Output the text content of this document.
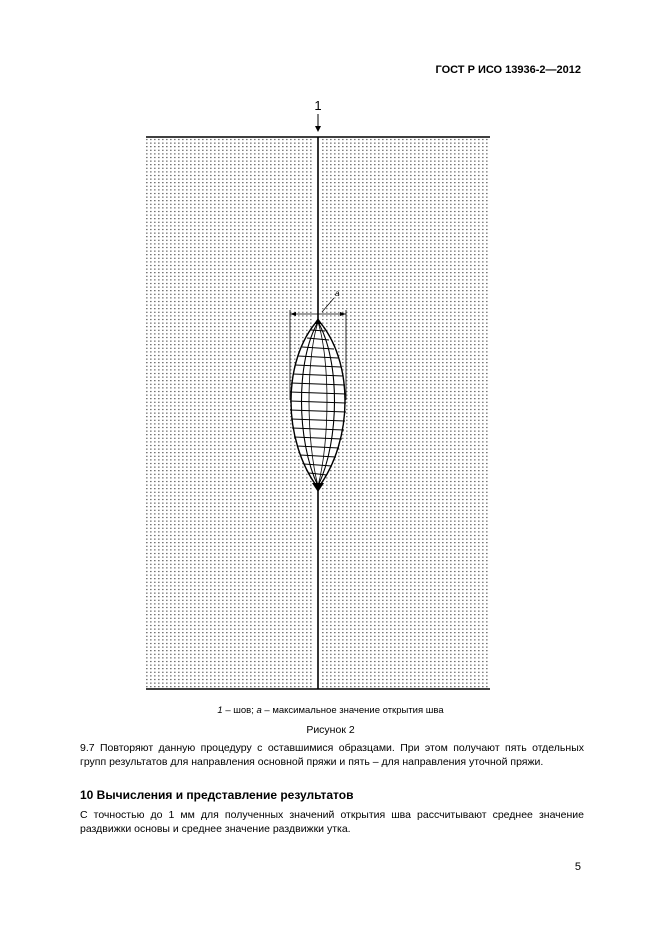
ГОСТ Р ИСО 13936-2—2012
1
a
1 – шов; a – максимальное значение открытия шва
Рисунок 2
9.7 Повторяют данную процедуру с оставшимися образцами. При этом получают пять отдельных групп результатов для направления основной пряжи и пять – для направления уточной пряжи.
10 Вычисления и представление результатов
С точностью до 1 мм для полученных значений открытия шва рассчитывают среднее значение раздвижки основы и среднее значение раздвижки утка.
5
